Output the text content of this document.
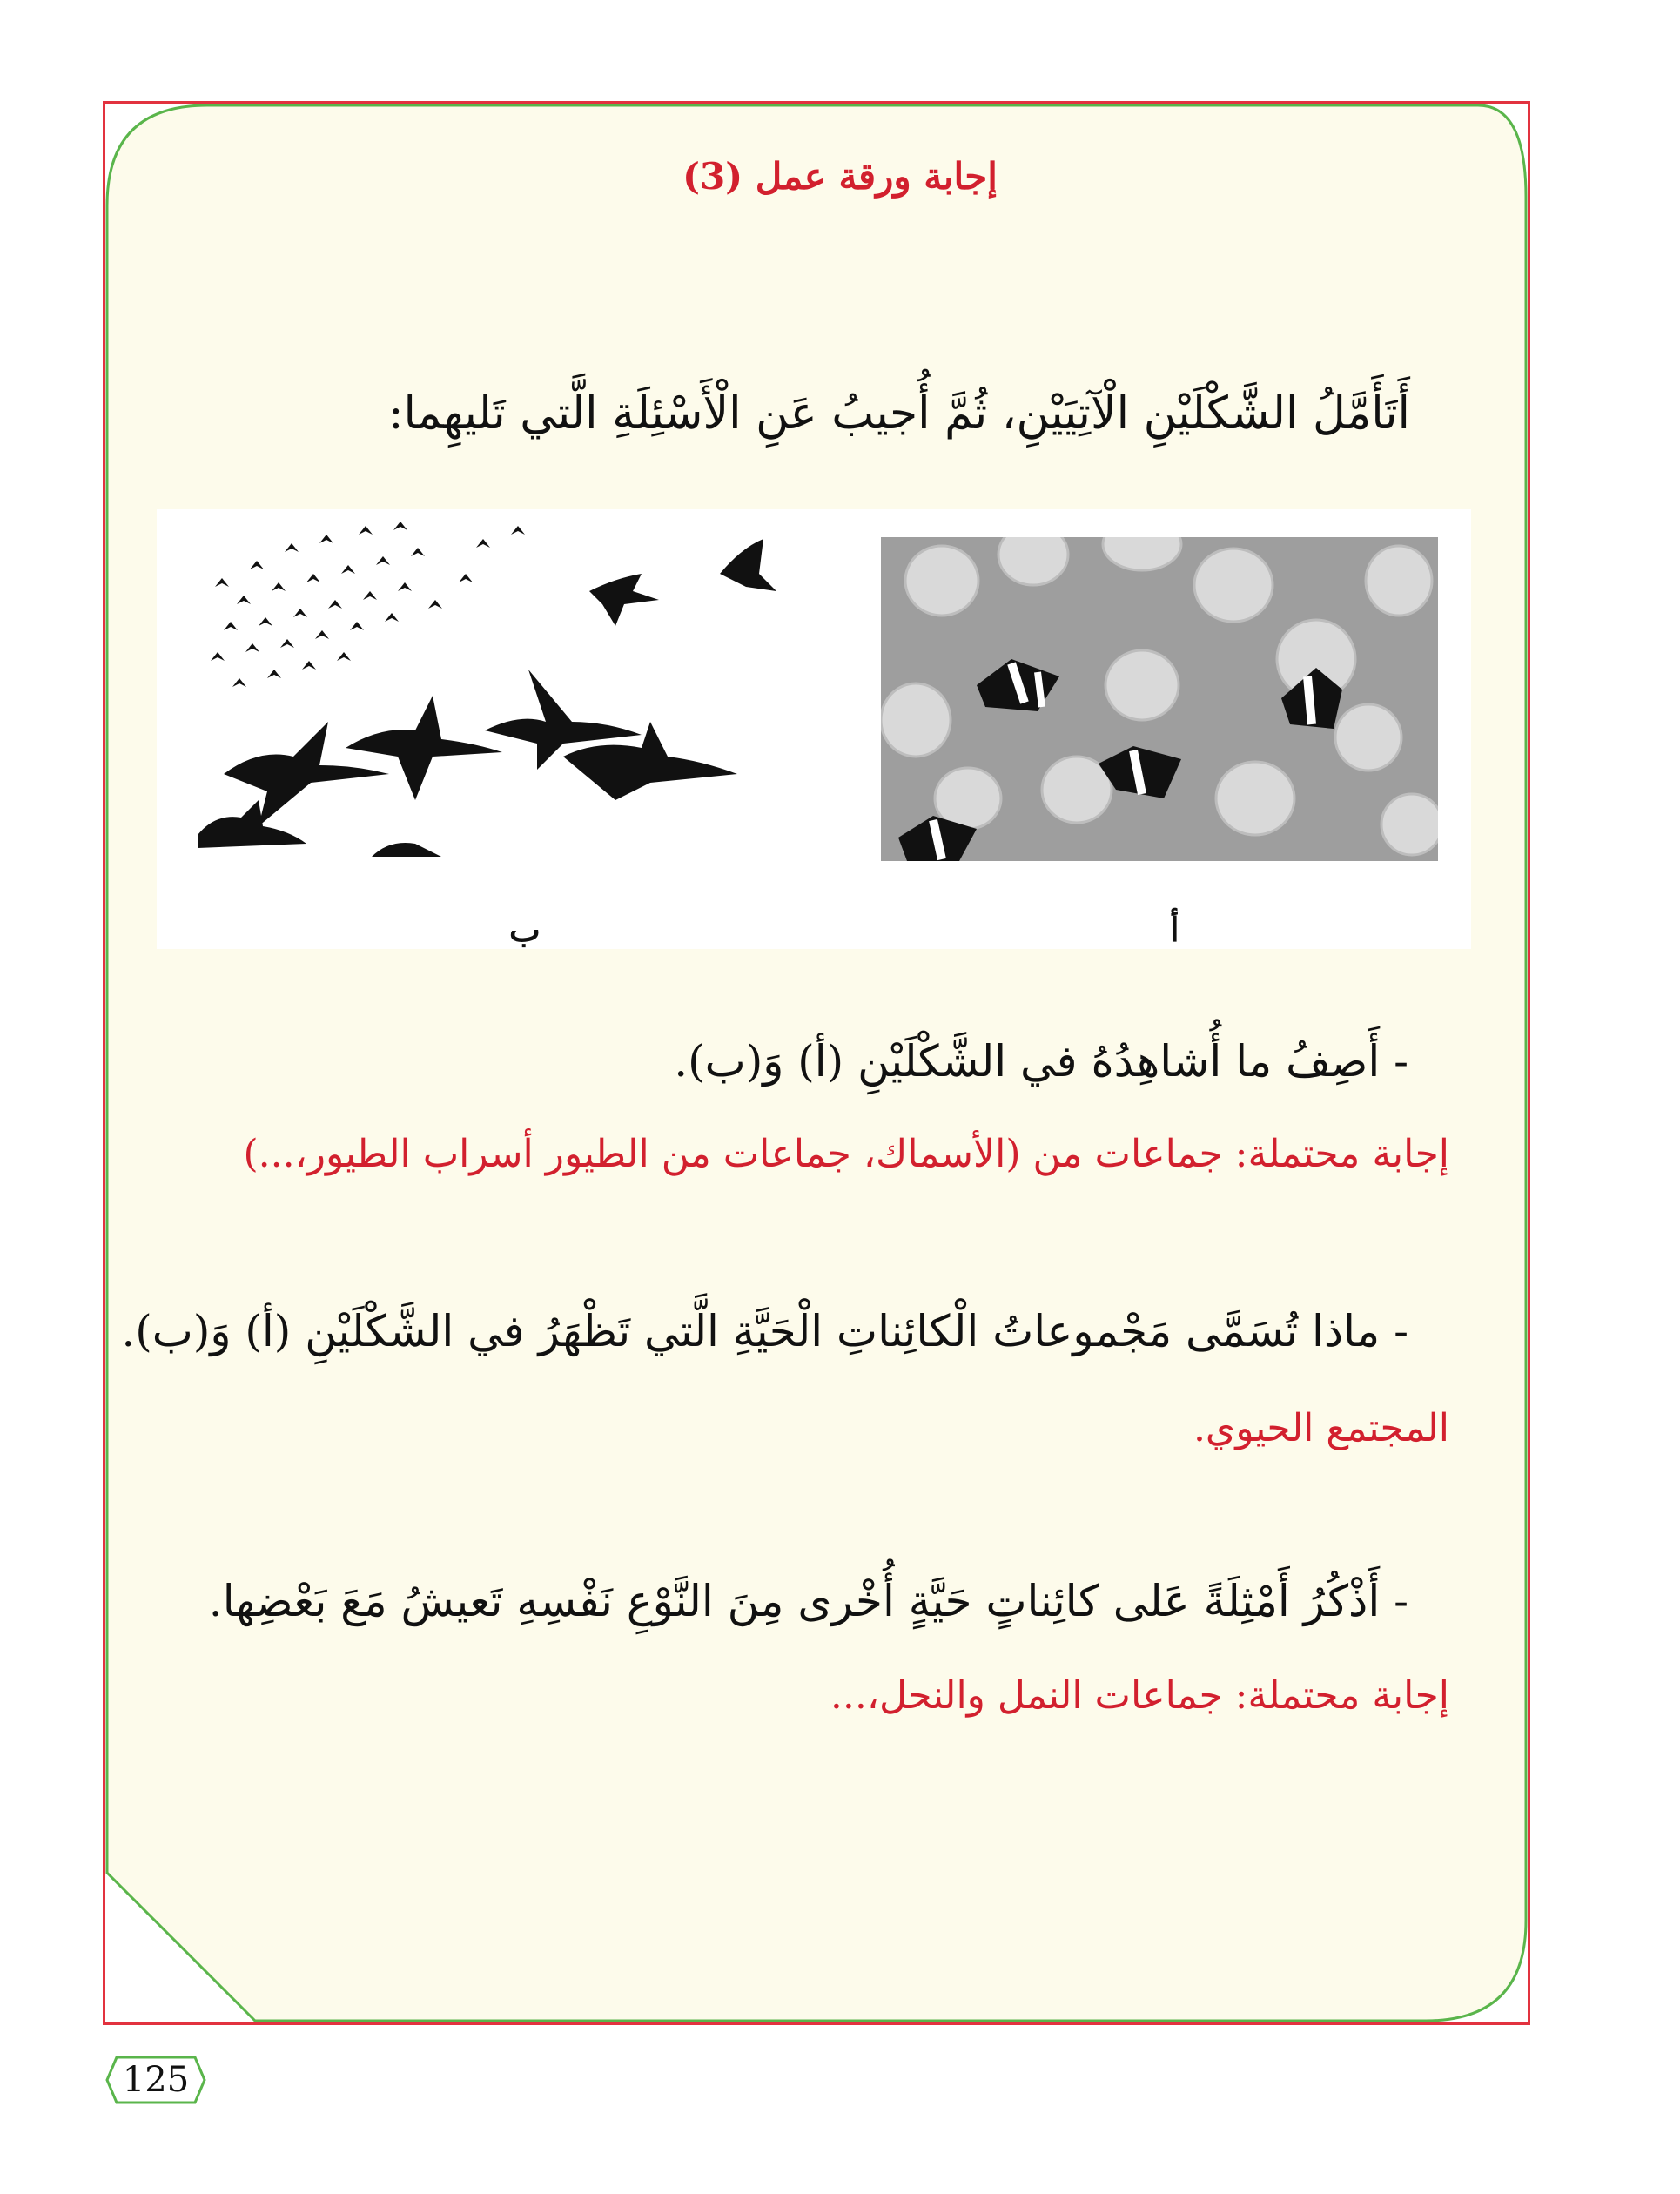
إجابة ورقة عمل (3)
أَتَأَمَّلُ الشَّكْلَيْنِ الْآتِيَيْنِ، ثُمَّ أُجيبُ عَنِ الْأَسْئِلَةِ الَّتي تَليهِما:
أ
ب
- أَصِفُ ما أُشاهِدُهُ في الشَّكْلَيْنِ (أ) وَ(ب).
إجابة محتملة: جماعات من (الأسماك، جماعات من الطيور أسراب الطيور،...)
- ماذا تُسَمَّى مَجْموعاتُ الْكائِناتِ الْحَيَّةِ الَّتي تَظْهَرُ في الشَّكْلَيْنِ (أ) وَ(ب).
المجتمع الحيوي.
- أَذْكُرُ أَمْثِلَةً عَلى كائِناتٍ حَيَّةٍ أُخْرى مِنَ النَّوْعِ نَفْسِهِ تَعيشُ مَعَ بَعْضِها.
إجابة محتملة: جماعات النمل والنحل،...
125
